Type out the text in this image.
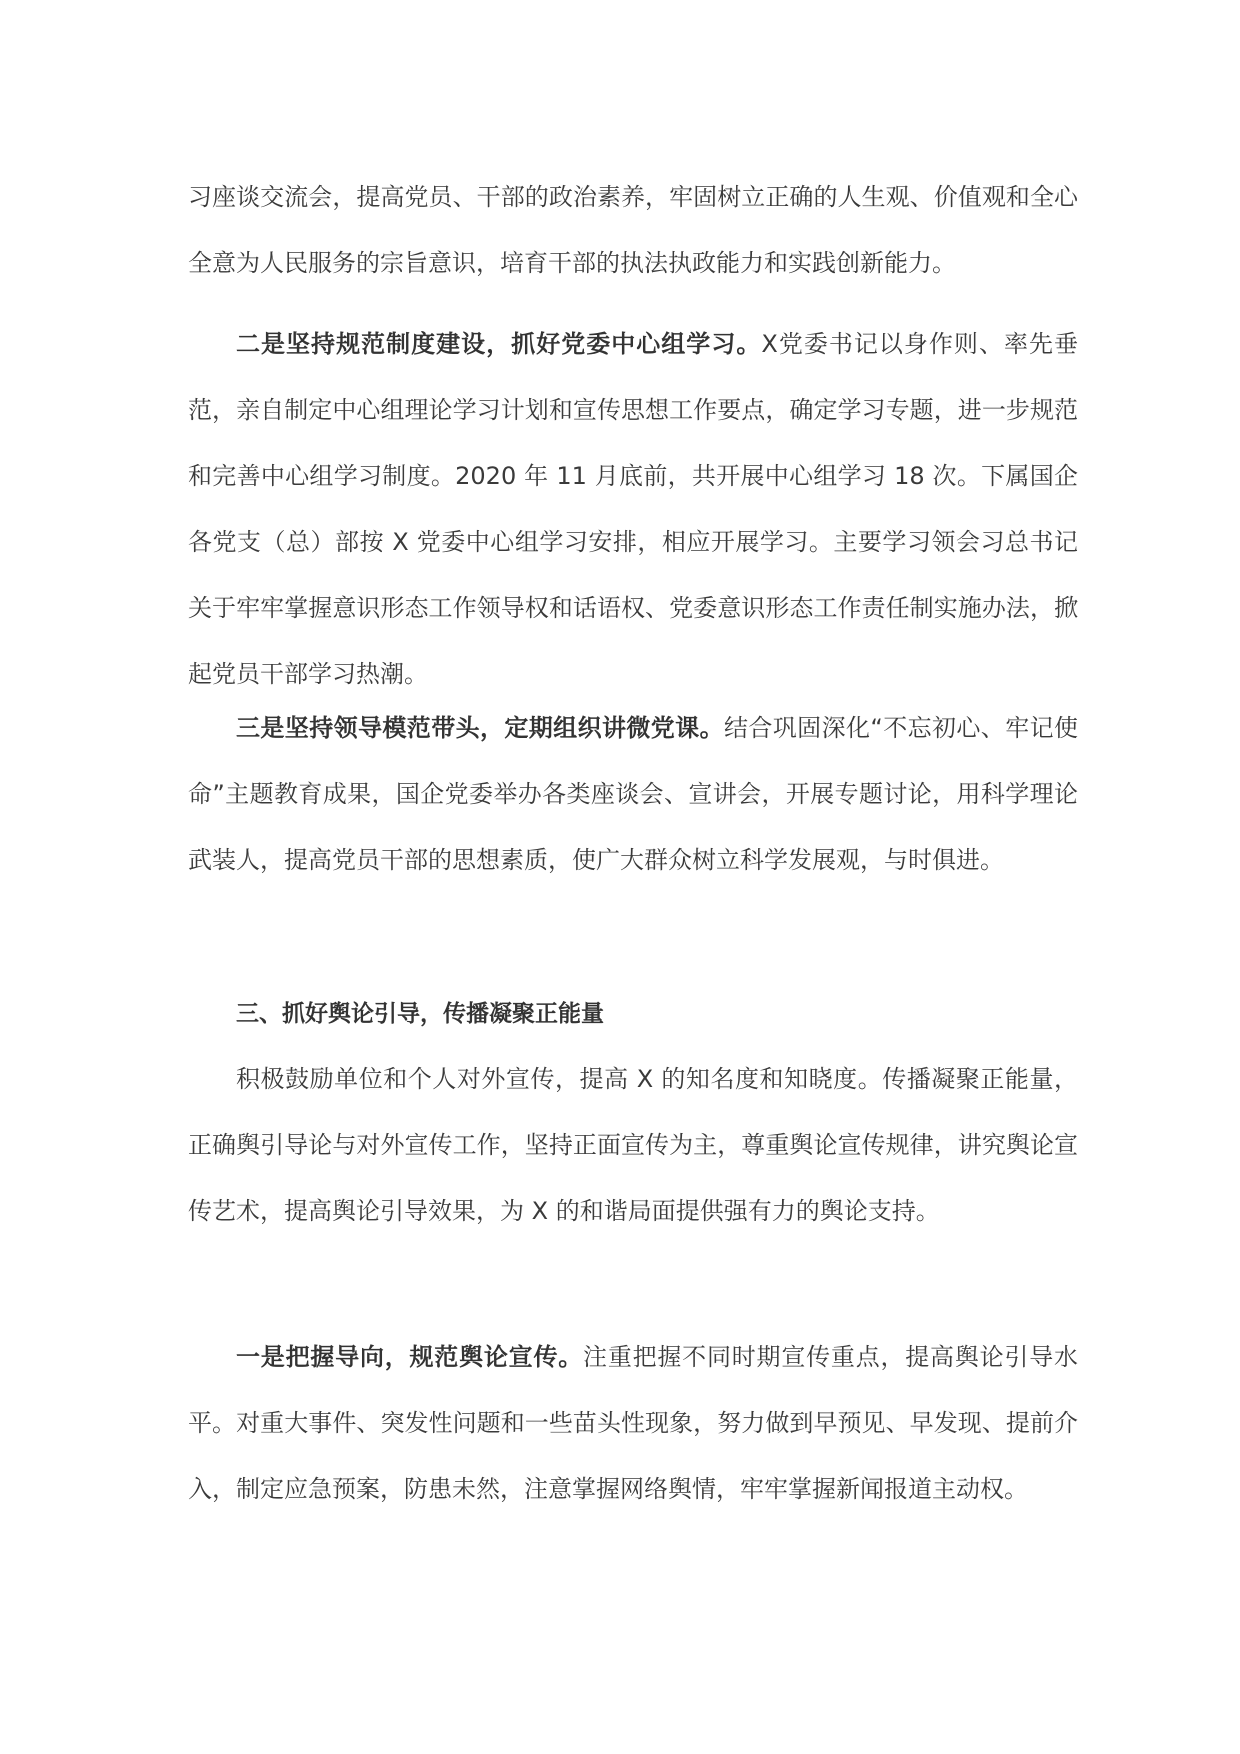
习座谈交流会，提高党员、干部的政治素养，牢固树立正确的人生观、价值观和全心全意为人民服务的宗旨意识，培育干部的执法执政能力和实践创新能力。

二是坚持规范制度建设，抓好党委中心组学习。X党委书记以身作则、率先垂范，亲自制定中心组理论学习计划和宣传思想工作要点，确定学习专题，进一步规范和完善中心组学习制度。2020 年 11 月底前，共开展中心组学习 18 次。下属国企各党支（总）部按 X 党委中心组学习安排，相应开展学习。主要学习领会习总书记关于牢牢掌握意识形态工作领导权和话语权、党委意识形态工作责任制实施办法，掀起党员干部学习热潮。

三是坚持领导模范带头，定期组织讲微党课。结合巩固深化“不忘初心、牢记使命”主题教育成果，国企党委举办各类座谈会、宣讲会，开展专题讨论，用科学理论武装人，提高党员干部的思想素质，使广大群众树立科学发展观，与时俱进。

三、抓好舆论引导，传播凝聚正能量

积极鼓励单位和个人对外宣传，提高 X 的知名度和知晓度。传播凝聚正能量，正确舆引导论与对外宣传工作，坚持正面宣传为主，尊重舆论宣传规律，讲究舆论宣传艺术，提高舆论引导效果，为 X 的和谐局面提供强有力的舆论支持。

一是把握导向，规范舆论宣传。注重把握不同时期宣传重点，提高舆论引导水平。对重大事件、突发性问题和一些苗头性现象，努力做到早预见、早发现、提前介入，制定应急预案，防患未然，注意掌握网络舆情，牢牢掌握新闻报道主动权。
